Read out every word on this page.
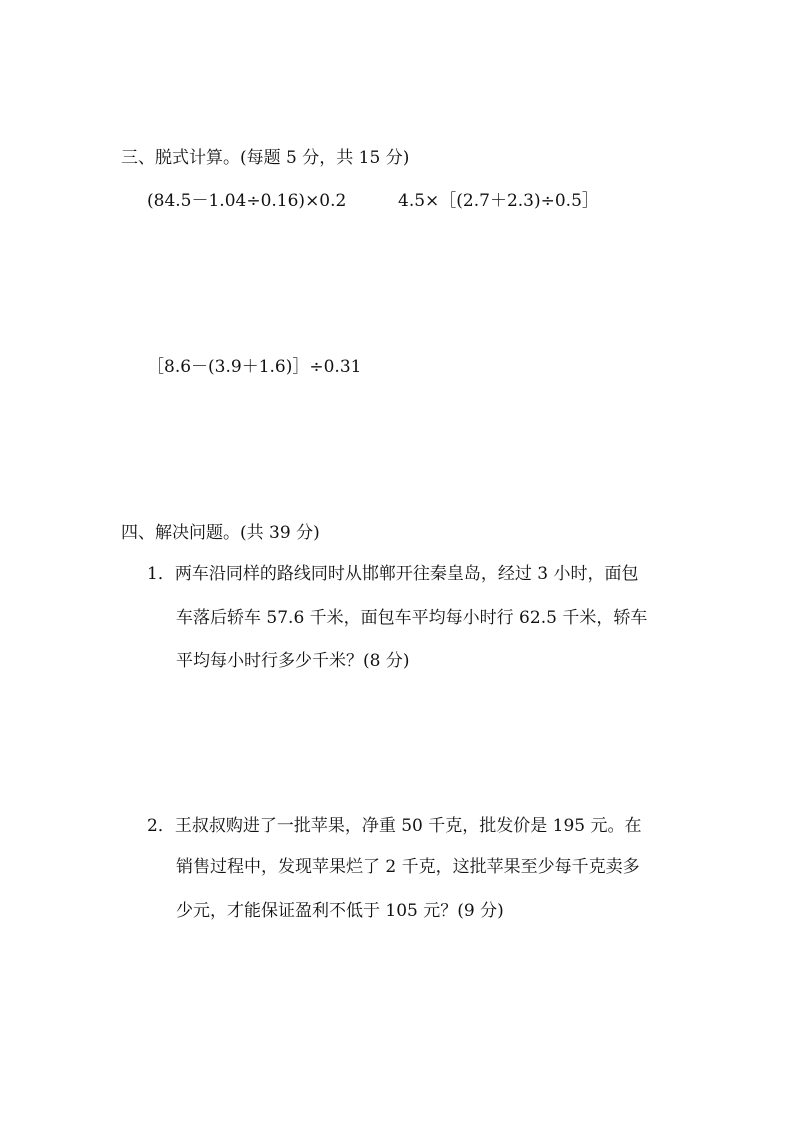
三、脱式计算。(每题 5 分，共 15 分)
(84.5－1.04÷0.16)×0.2	4.5×［(2.7＋2.3)÷0.5］
［8.6－(3.9＋1.6)］÷0.31
四、解决问题。(共 39 分)
1．两车沿同样的路线同时从邯郸开往秦皇岛，经过 3 小时，面包
车落后轿车 57.6 千米，面包车平均每小时行 62.5 千米，轿车
平均每小时行多少千米？(8 分)
2．王叔叔购进了一批苹果，净重 50 千克，批发价是 195 元。在
销售过程中，发现苹果烂了 2 千克，这批苹果至少每千克卖多
少元，才能保证盈利不低于 105 元？(9 分)
